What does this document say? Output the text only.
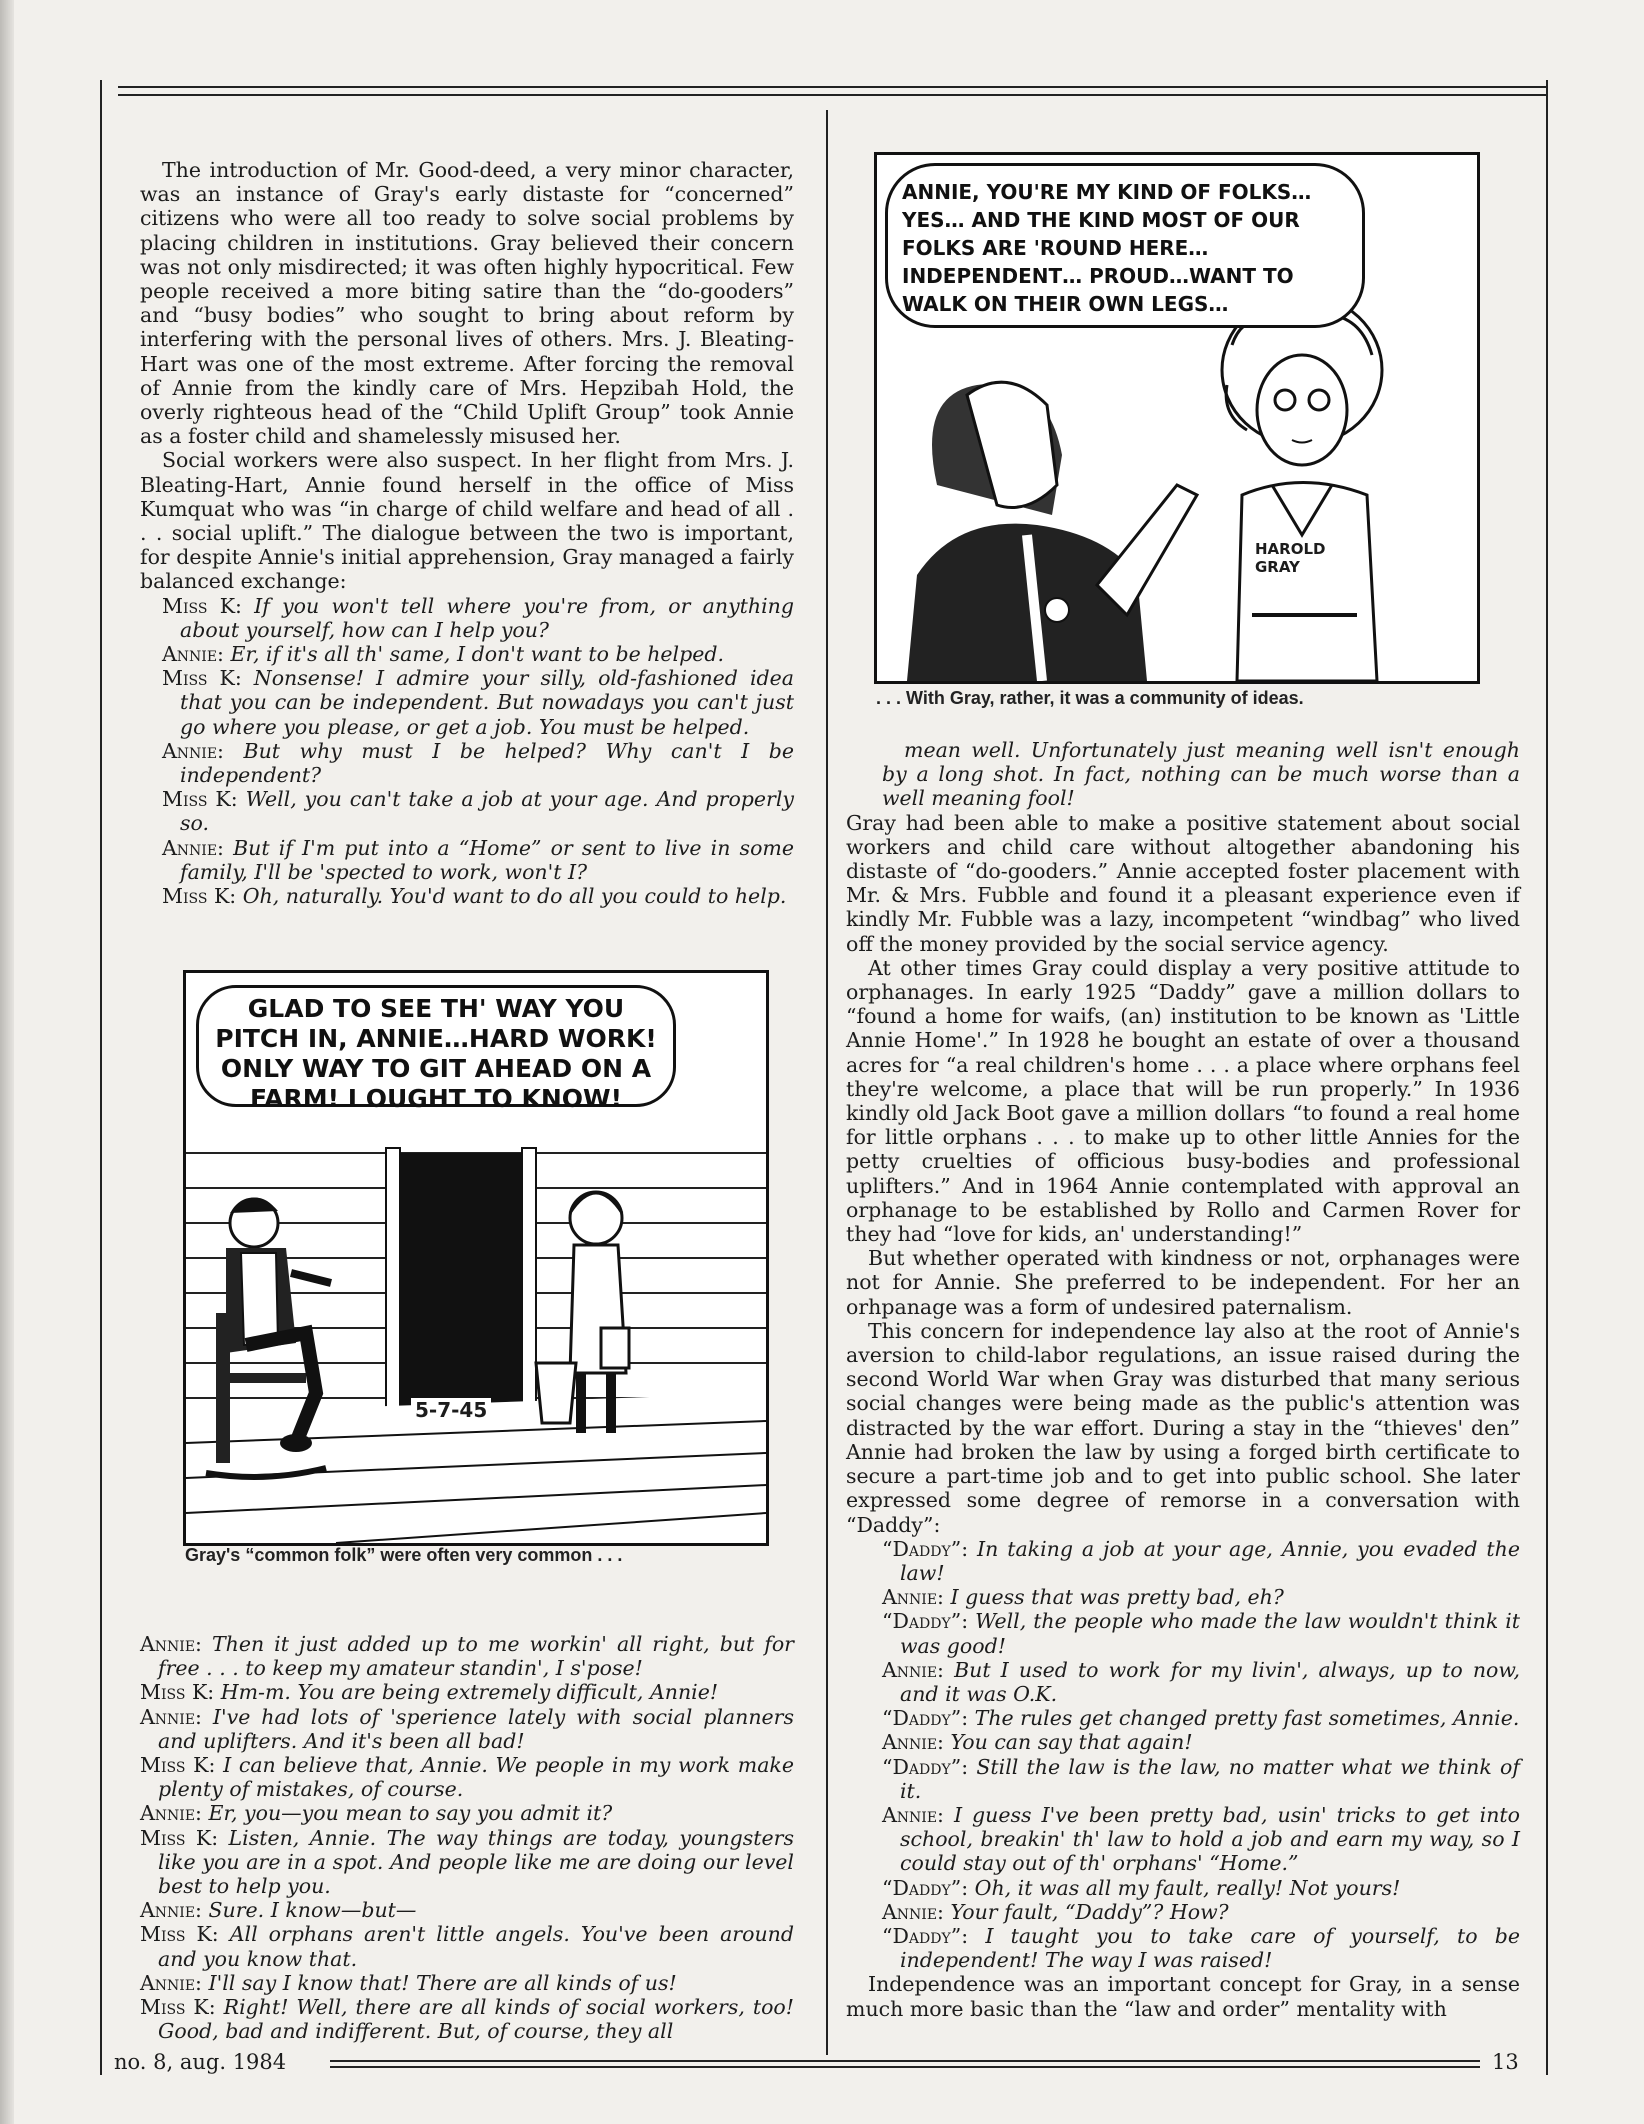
The introduction of Mr. Good-deed, a very minor character, was an instance of Gray's early distaste for “concerned” citizens who were all too ready to solve social problems by placing children in institutions. Gray believed their concern was not only misdirected; it was often highly hypocritical. Few people received a more biting satire than the “do-gooders” and “busy bodies” who sought to bring about reform by interfering with the personal lives of others. Mrs. J. Bleating-Hart was one of the most extreme. After forcing the removal of Annie from the kindly care of Mrs. Hepzibah Hold, the overly righteous head of the “Child Uplift Group” took Annie as a foster child and shamelessly misused her.

Social workers were also suspect. In her flight from Mrs. J. Bleating-Hart, Annie found herself in the office of Miss Kumquat who was “in charge of child welfare and head of all . . . social uplift.” The dialogue between the two is important, for despite Annie's initial apprehension, Gray managed a fairly balanced exchange:

Miss K: If you won't tell where you're from, or anything about yourself, how can I help you?

Annie: Er, if it's all th' same, I don't want to be helped.

Miss K: Nonsense! I admire your silly, old-fashioned idea that you can be independent. But nowadays you can't just go where you please, or get a job. You must be helped.

Annie: But why must I be helped? Why can't I be independent?

Miss K: Well, you can't take a job at your age. And properly so.

Annie: But if I'm put into a “Home” or sent to live in some family, I'll be 'spected to work, won't I?

Miss K: Oh, naturally. You'd want to do all you could to help.

GLAD TO SEE TH' WAY YOU PITCH IN, ANNIE…HARD WORK! ONLY WAY TO GIT AHEAD ON A FARM! I OUGHT TO KNOW!
5-7-45
Gray's “common folk” were often very common . . .

Annie: Then it just added up to me workin' all right, but for free . . . to keep my amateur standin', I s'pose!

Miss K: Hm-m. You are being extremely difficult, Annie!

Annie: I've had lots of 'sperience lately with social planners and uplifters. And it's been all bad!

Miss K: I can believe that, Annie. We people in my work make plenty of mistakes, of course.

Annie: Er, you—you mean to say you admit it?

Miss K: Listen, Annie. The way things are today, youngsters like you are in a spot. And people like me are doing our level best to help you.

Annie: Sure. I know—but—

Miss K: All orphans aren't little angels. You've been around and you know that.

Annie: I'll say I know that! There are all kinds of us!

Miss K: Right! Well, there are all kinds of social workers, too! Good, bad and indifferent. But, of course, they all

ANNIE, YOU'RE MY KIND OF FOLKS… YES… AND THE KIND MOST OF OUR FOLKS ARE 'ROUND HERE…INDEPENDENT… PROUD…WANT TO WALK ON THEIR OWN LEGS…
HAROLD GRAY
. . . With Gray, rather, it was a community of ideas.

mean well. Unfortunately just meaning well isn't enough by a long shot. In fact, nothing can be much worse than a well meaning fool!

Gray had been able to make a positive statement about social workers and child care without altogether abandoning his distaste of “do-gooders.” Annie accepted foster placement with Mr. & Mrs. Fubble and found it a pleasant experience even if kindly Mr. Fubble was a lazy, incompetent “windbag” who lived off the money provided by the social service agency.

At other times Gray could display a very positive attitude to orphanages. In early 1925 “Daddy” gave a million dollars to “found a home for waifs, (an) institution to be known as 'Little Annie Home'.” In 1928 he bought an estate of over a thousand acres for “a real children's home . . . a place where orphans feel they're welcome, a place that will be run properly.” In 1936 kindly old Jack Boot gave a million dollars “to found a real home for little orphans . . . to make up to other little Annies for the petty cruelties of officious busy-bodies and professional uplifters.” And in 1964 Annie contemplated with approval an orphanage to be established by Rollo and Carmen Rover for they had “love for kids, an' understanding!”

But whether operated with kindness or not, orphanages were not for Annie. She preferred to be independent. For her an orhpanage was a form of undesired paternalism.

This concern for independence lay also at the root of Annie's aversion to child-labor regulations, an issue raised during the second World War when Gray was disturbed that many serious social changes were being made as the public's attention was distracted by the war effort. During a stay in the “thieves' den” Annie had broken the law by using a forged birth certificate to secure a part-time job and to get into public school. She later expressed some degree of remorse in a conversation with “Daddy”:

“Daddy”: In taking a job at your age, Annie, you evaded the law!

Annie: I guess that was pretty bad, eh?

“Daddy”: Well, the people who made the law wouldn't think it was good!

Annie: But I used to work for my livin', always, up to now, and it was O.K.

“Daddy”: The rules get changed pretty fast sometimes, Annie.

Annie: You can say that again!

“Daddy”: Still the law is the law, no matter what we think of it.

Annie: I guess I've been pretty bad, usin' tricks to get into school, breakin' th' law to hold a job and earn my way, so I could stay out of th' orphans' “Home.”

“Daddy”: Oh, it was all my fault, really! Not yours!

Annie: Your fault, “Daddy”? How?

“Daddy”: I taught you to take care of yourself, to be independent! The way I was raised!

Independence was an important concept for Gray, in a sense much more basic than the “law and order” mentality with

no. 8, aug. 1984	13
